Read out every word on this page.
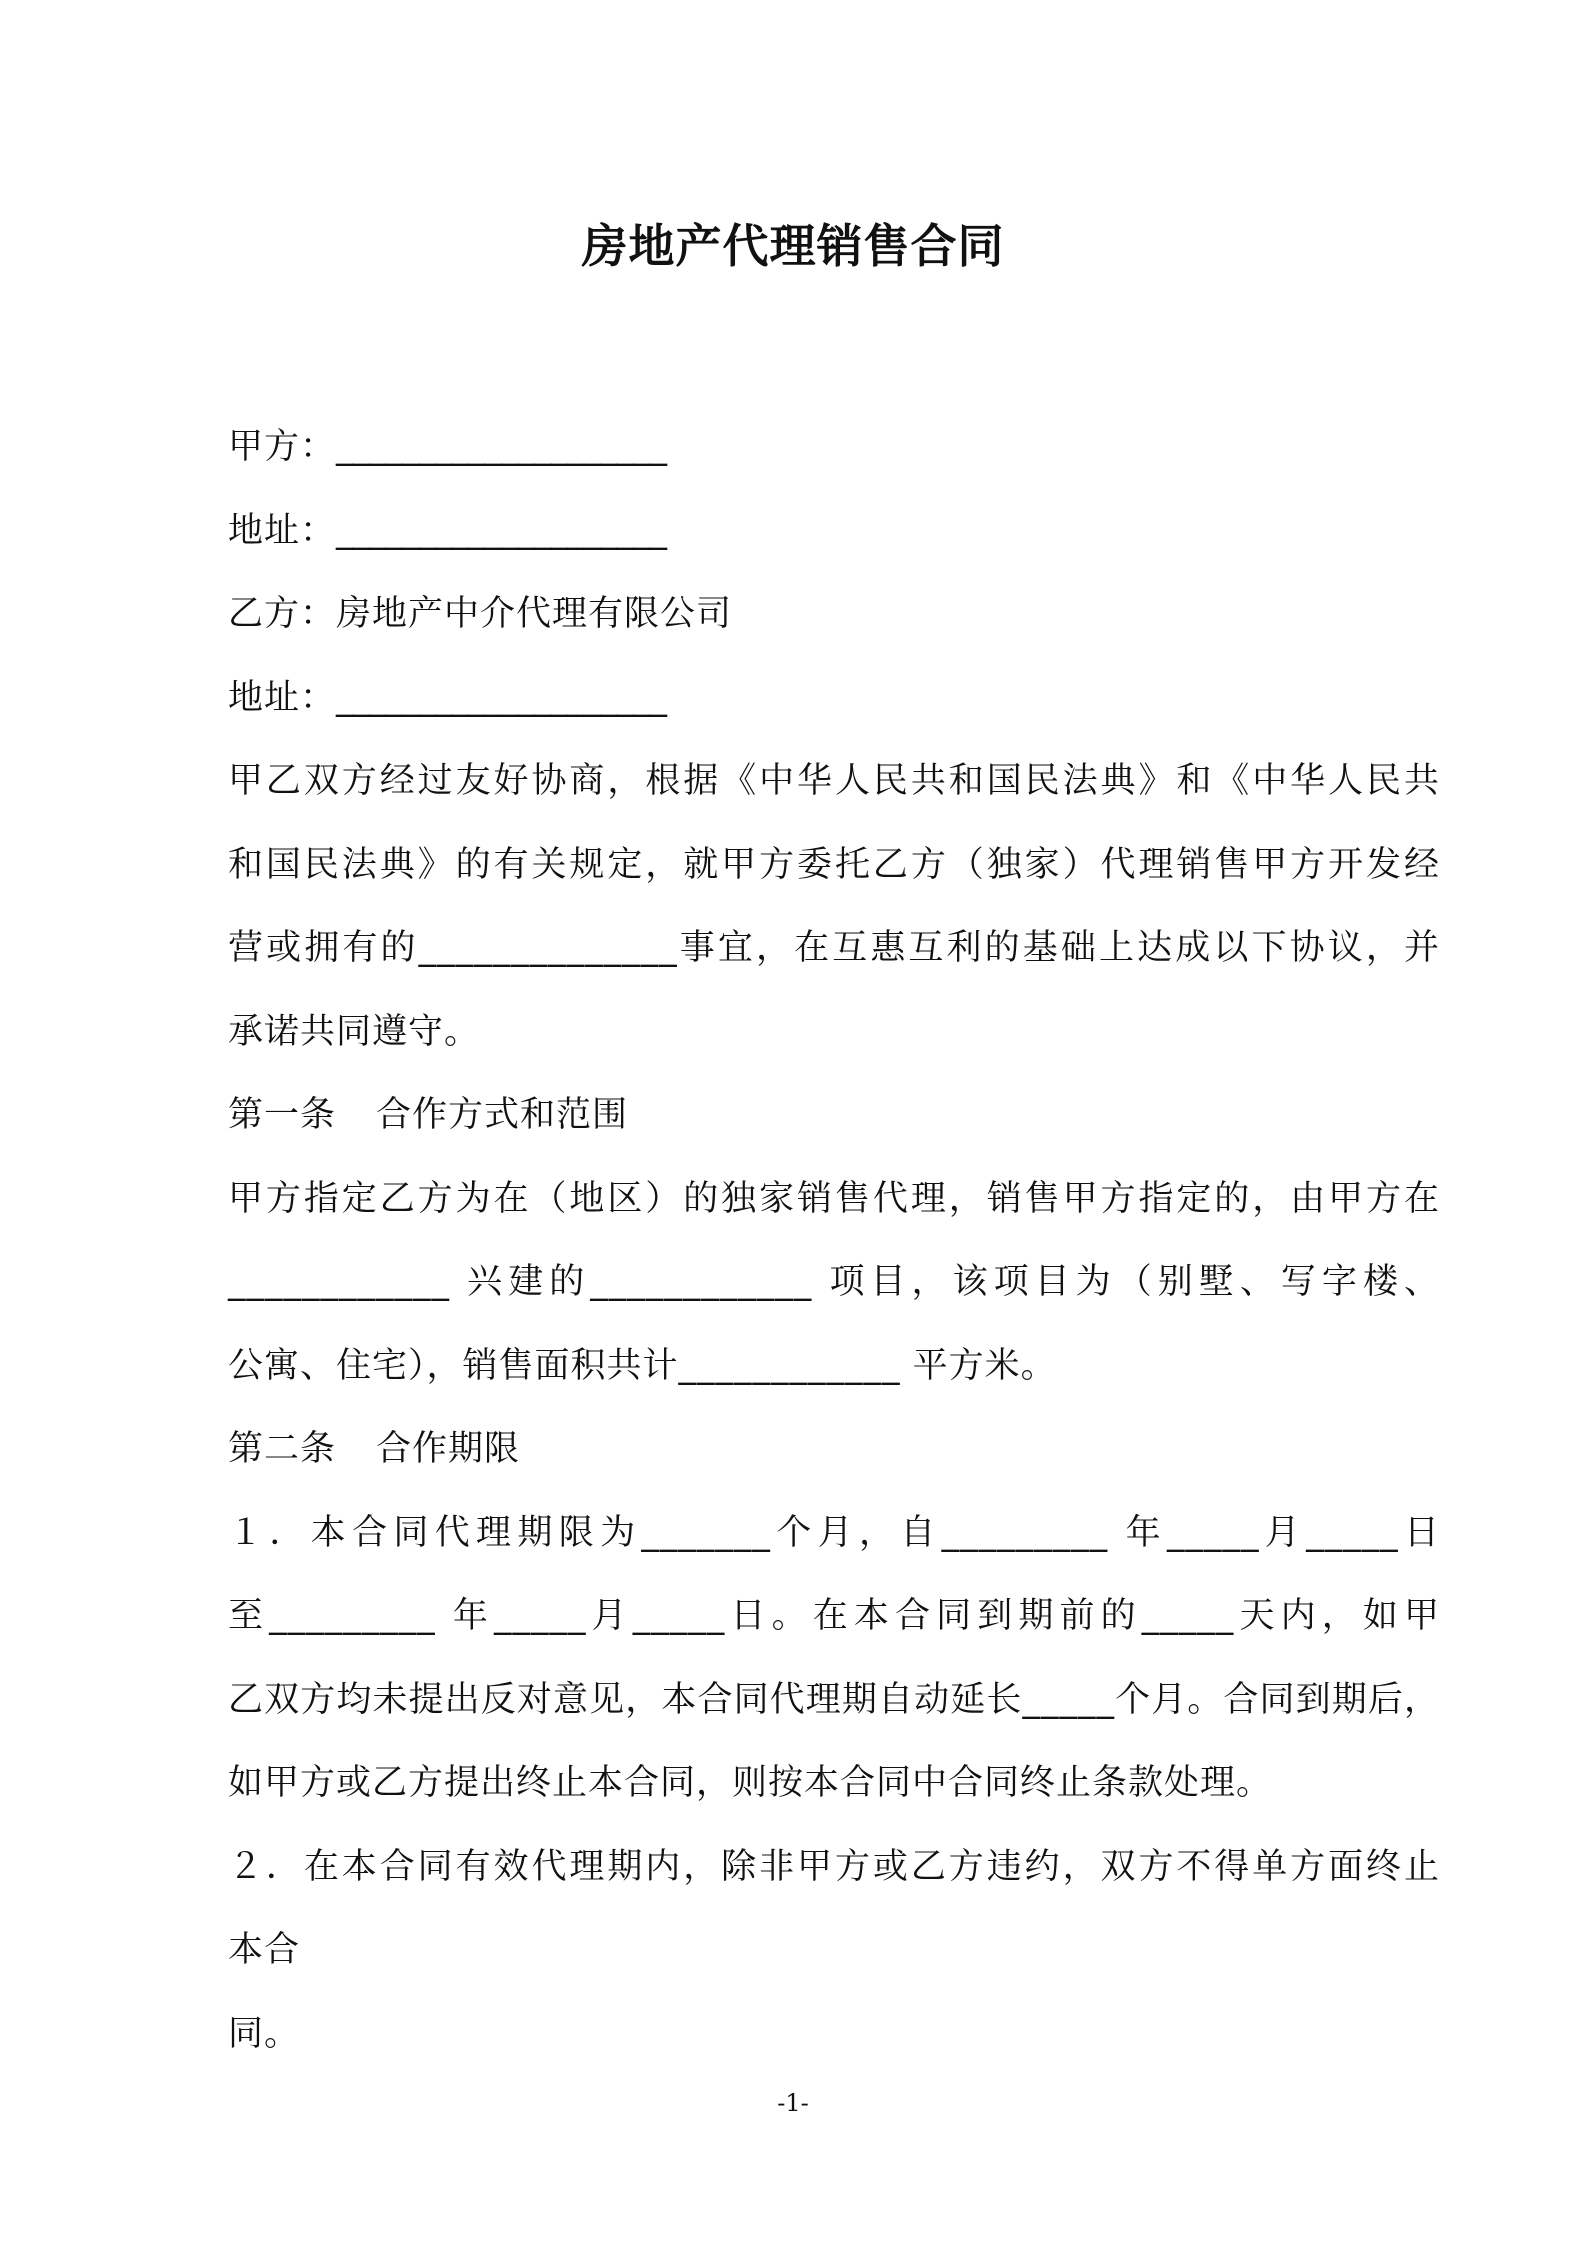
房地产代理销售合同
甲方：____________________
地址：____________________
乙方：房地产中介代理有限公司
地址：____________________
甲乙双方经过友好协商，根据《中华人民共和国民法典》和《中华人民共
和国民法典》的有关规定，就甲方委托乙方（独家）代理销售甲方开发经
营或拥有的______________事宜，在互惠互利的基础上达成以下协议，并
承诺共同遵守。
第一条 合作方式和范围
甲方指定乙方为在（地区）的独家销售代理，销售甲方指定的，由甲方在
____________ 兴建的____________ 项目，该项目为（别墅、写字楼、
公寓、住宅），销售面积共计____________ 平方米。
第二条 合作期限
１．本合同代理期限为_______个月，自_________ 年_____月_____日
至_________ 年_____月_____日。在本合同到期前的_____天内，如甲
乙双方均未提出反对意见，本合同代理期自动延长_____个月。合同到期后，
如甲方或乙方提出终止本合同，则按本合同中合同终止条款处理。
２．在本合同有效代理期内，除非甲方或乙方违约，双方不得单方面终止
本合
同。
-1-
